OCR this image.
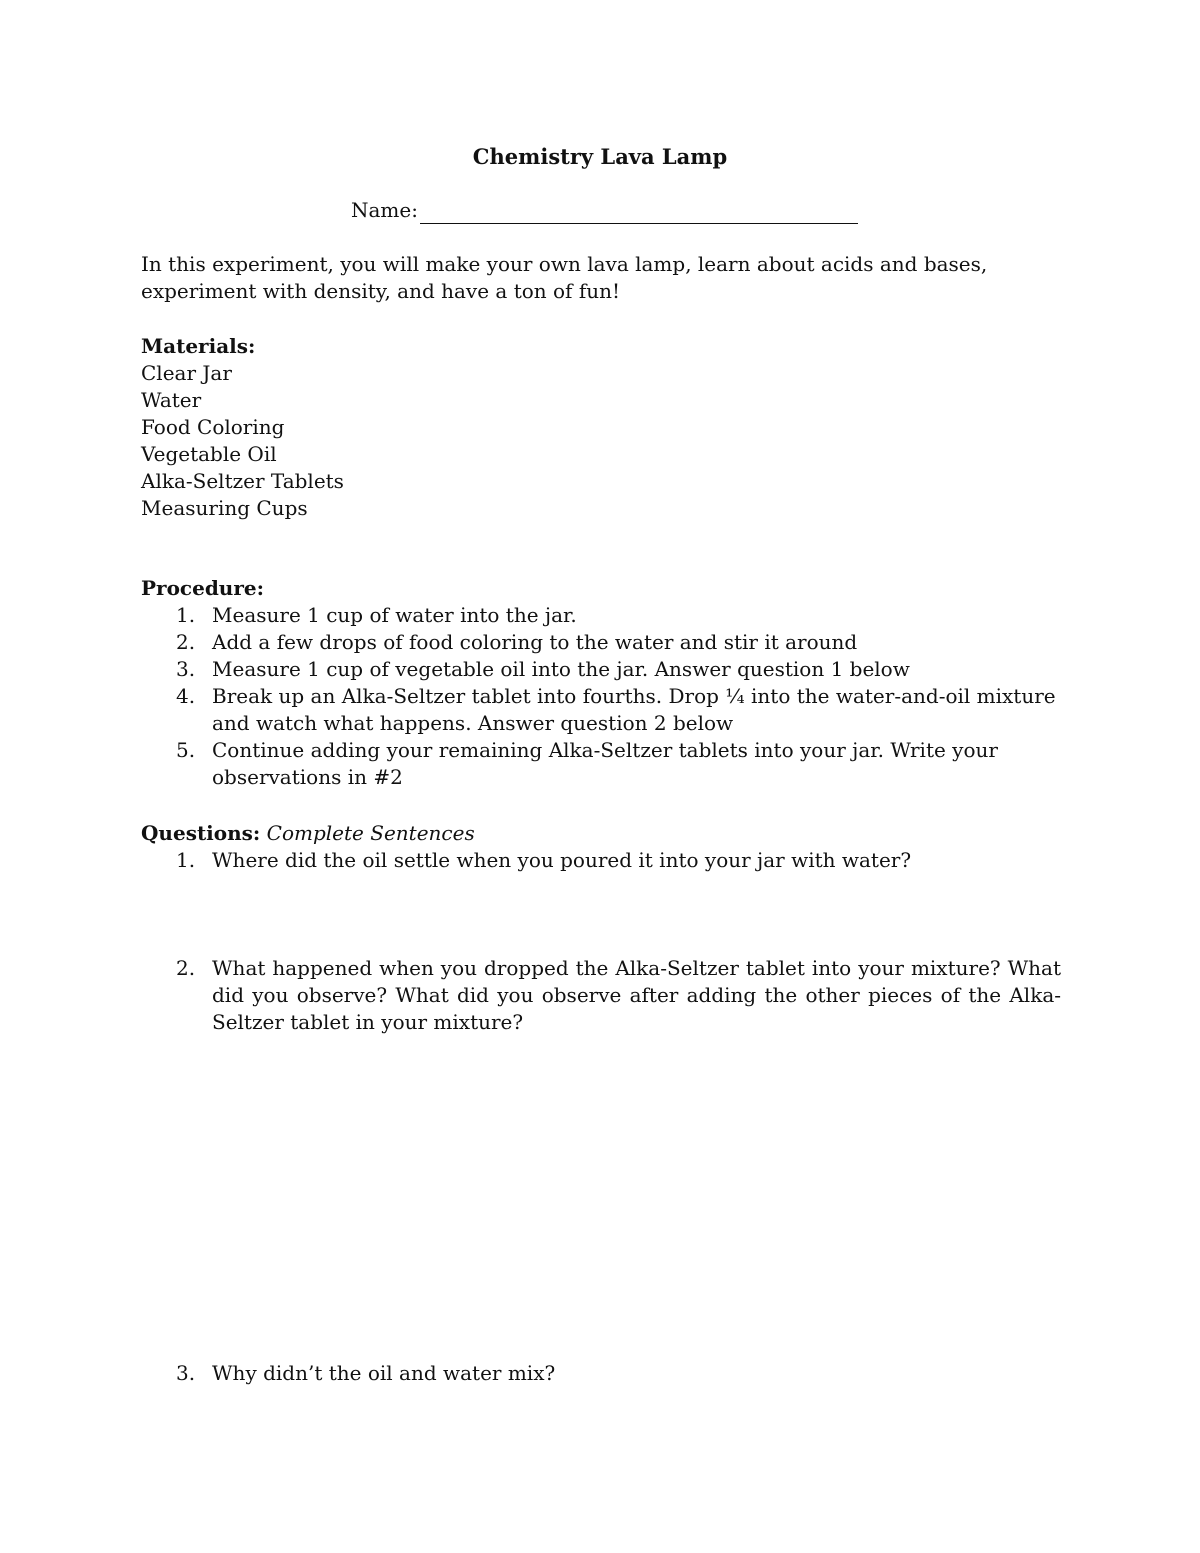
Chemistry Lava Lamp
Name:
In this experiment, you will make your own lava lamp, learn about acids and bases, experiment with density, and have a ton of fun!
Materials:
Clear Jar
Water
Food Coloring
Vegetable Oil
Alka-Seltzer Tablets
Measuring Cups
Procedure:
1. Measure 1 cup of water into the jar.
2. Add a few drops of food coloring to the water and stir it around
3. Measure 1 cup of vegetable oil into the jar. Answer question 1 below
4. Break up an Alka-Seltzer tablet into fourths. Drop ¼ into the water-and-oil mixture and watch what happens. Answer question 2 below
5. Continue adding your remaining Alka-Seltzer tablets into your jar. Write your observations in #2
Questions: Complete Sentences
1. Where did the oil settle when you poured it into your jar with water?
2. What happened when you dropped the Alka-Seltzer tablet into your mixture? What did you observe? What did you observe after adding the other pieces of the Alka-Seltzer tablet in your mixture?
3. Why didn’t the oil and water mix?
